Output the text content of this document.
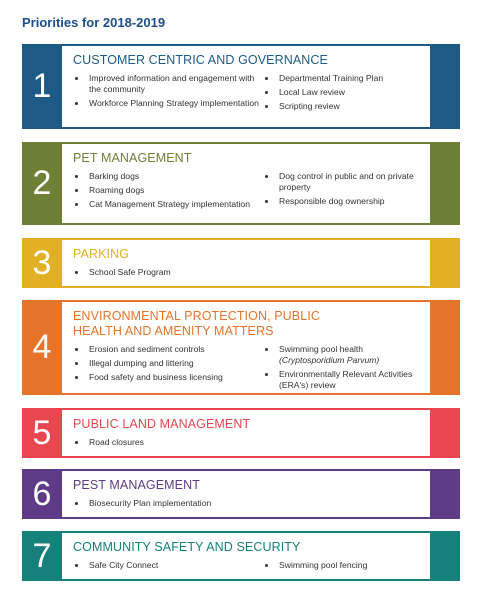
Priorities for 2018-2019
1
CUSTOMER CENTRIC AND GOVERNANCE
Improved information and engagement with the community
Workforce Planning Strategy implementation
Departmental Training Plan
Local Law review
Scripting review
2
PET MANAGEMENT
Barking dogs
Roaming dogs
Cat Management Strategy implementation
Dog control in public and on private property
Responsible dog ownership
3	PARKING
School Safe Program
4
ENVIRONMENTAL PROTECTION, PUBLIC HEALTH AND AMENITY MATTERS
Erosion and sediment controls
Illegal dumping and littering
Food safety and business licensing
Swimming pool health
(Cryptosporidium Parvum)
Environmentally Relevant Activities (ERA's) review
5	PUBLIC LAND MANAGEMENT
Road closures
6	PEST MANAGEMENT
Biosecurity Plan implementation
7	COMMUNITY SAFETY AND SECURITY
Safe City Connect	Swimming pool fencing
